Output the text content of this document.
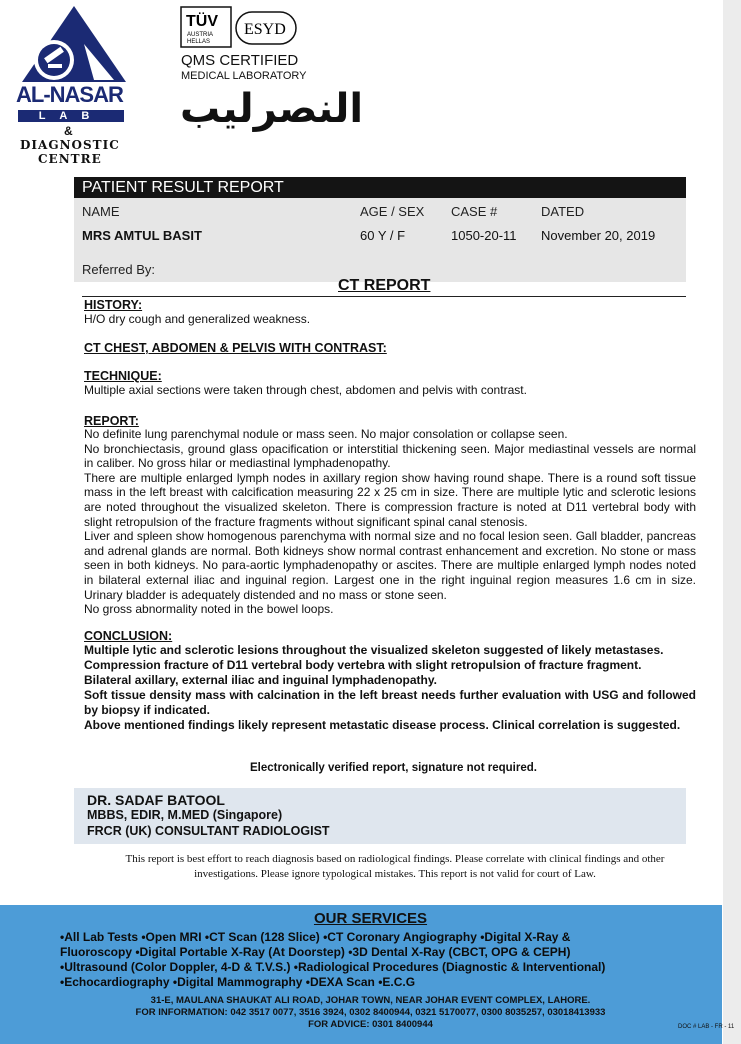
AL-NASAR
LAB
&
DIAGNOSTIC
CENTRE
TÜV
AUSTRIA
HELLAS
ESYD
QMS CERTIFIED
MEDICAL LABORATORY
النصرليب
PATIENT RESULT REPORT
NAME
MRS AMTUL BASIT
AGE / SEX
60 Y / F
CASE #
1050-20-11
DATED
November 20, 2019
Referred By:
CT REPORT
HISTORY:
H/O dry cough and generalized weakness.
CT CHEST, ABDOMEN & PELVIS WITH CONTRAST:
TECHNIQUE:
Multiple axial sections were taken through chest, abdomen and pelvis with contrast.
REPORT:
No definite lung parenchymal nodule or mass seen. No major consolation or collapse seen.
No bronchiectasis, ground glass opacification or interstitial thickening seen. Major mediastinal vessels are normal in caliber. No gross hilar or mediastinal lymphadenopathy.
There are multiple enlarged lymph nodes in axillary region show having round shape. There is a round soft tissue mass in the left breast with calcification measuring 22 x 25 cm in size. There are multiple lytic and sclerotic lesions are noted throughout the visualized skeleton. There is compression fracture is noted at D11 vertebral body with slight retropulsion of the fracture fragments without significant spinal canal stenosis.
Liver and spleen show homogenous parenchyma with normal size and no focal lesion seen. Gall bladder, pancreas and adrenal glands are normal. Both kidneys show normal contrast enhancement and excretion. No stone or mass seen in both kidneys. No para-aortic lymphadenopathy or ascites. There are multiple enlarged lymph nodes noted in bilateral external iliac and inguinal region. Largest one in the right inguinal region measures 1.6 cm in size. Urinary bladder is adequately distended and no mass or stone seen.
No gross abnormality noted in the bowel loops.
CONCLUSION:
Multiple lytic and sclerotic lesions throughout the visualized skeleton suggested of likely metastases.
Compression fracture of D11 vertebral body vertebra with slight retropulsion of fracture fragment.
Bilateral axillary, external iliac and inguinal lymphadenopathy.
Soft tissue density mass with calcination in the left breast needs further evaluation with USG and followed by biopsy if indicated.
Above mentioned findings likely represent metastatic disease process. Clinical correlation is suggested.
Electronically verified report, signature not required.
DR. SADAF BATOOL
MBBS, EDIR, M.MED (Singapore)
FRCR (UK) CONSULTANT RADIOLOGIST
This report is best effort to reach diagnosis based on radiological findings. Please correlate with clinical findings and other investigations. Please ignore typological mistakes. This report is not valid for court of Law.
OUR SERVICES
•All Lab Tests •Open MRI •CT Scan (128 Slice) •CT Coronary Angiography •Digital X-Ray &
Fluoroscopy •Digital Portable X-Ray (At Doorstep) •3D Dental X-Ray (CBCT, OPG & CEPH)
•Ultrasound (Color Doppler, 4-D & T.V.S.) •Radiological Procedures (Diagnostic & Interventional)
•Echocardiography •Digital Mammography •DEXA Scan •E.C.G
31-E, MAULANA SHAUKAT ALI ROAD, JOHAR TOWN, NEAR JOHAR EVENT COMPLEX, LAHORE.
FOR INFORMATION: 042 3517 0077, 3516 3924, 0302 8400944, 0321 5170077, 0300 8035257, 03018413933
FOR ADVICE: 0301 8400944	DOC # LAB - FR - 11
